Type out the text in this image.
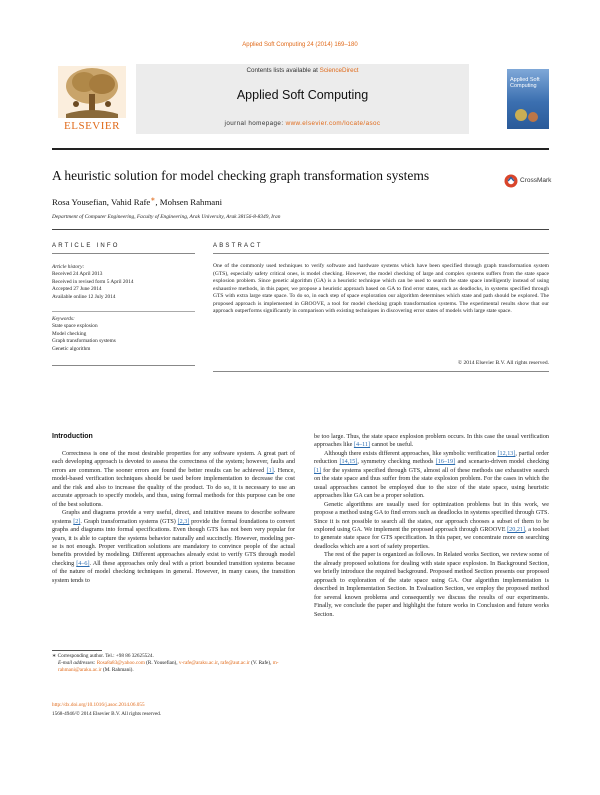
Applied Soft Computing 24 (2014) 169–180
ELSEVIER
Contents lists available at ScienceDirect
Applied Soft Computing
journal homepage: www.elsevier.com/locate/asoc
Applied Soft Computing
A heuristic solution for model checking graph transformation systems	CrossMark
Rosa Yousefian, Vahid Rafe∗, Mohsen Rahmani
Department of Computer Engineering, Faculty of Engineering, Arak University, Arak 38156-8-8349, Iran
ARTICLE INFO	ABSTRACT
Article history:
Received 24 April 2013
Received in revised form 5 April 2014
Accepted 27 June 2014
Available online 12 July 2014
Keywords:
State space explosion
Model checking
Graph transformation systems
Genetic algorithm
One of the commonly used techniques to verify software and hardware systems which have been specified through graph transformation system (GTS), especially safety critical ones, is model checking. However, the model checking of large and complex systems suffers from the state space explosion problem. Since genetic algorithm (GA) is a heuristic technique which can be used to search the state space intelligently instead of using exhaustive methods, in this paper, we propose a heuristic approach based on GA to find error states, such as deadlocks, in systems specified through GTS with extra large state space. To do so, in each step of space exploration our algorithm determines which state and path should be explored. The proposed approach is implemented in GROOVE, a tool for model checking graph transformation systems. The experimental results show that our approach outperforms significantly in comparison with existing techniques in discovering error states of models with large state space.
© 2014 Elsevier B.V. All rights reserved.
Introduction

Correctness is one of the most desirable properties for any software system. A great part of each developing approach is devoted to assess the correctness of the system; however, faults and errors are common. The sooner errors are found the better results can be achieved [1]. Hence, model-based verification techniques should be used before implementation to decrease the cost and the risk and also to increase the quality of the product. To do so, it is necessary to use an accurate approach to specify models, and thus, using formal methods for this purpose can be one of the best solutions.

Graphs and diagrams provide a very useful, direct, and intuitive means to describe software systems [2]. Graph transformation systems (GTS) [2,3] provide the formal foundations to convert graphs and diagrams into formal specifications. Even though GTS has not been very popular for years, it is able to capture the systems behavior naturally and succinctly. However, modeling per-se is not enough. Proper verification solutions are mandatory to convince people of the actual benefits provided by modeling. Different approaches already exist to verify GTS through model checking [4–6]. All these approaches only deal with a priori bounded transition systems because of the nature of model checking techniques in general. However, in many cases, the transition system tends to

be too large. Thus, the state space explosion problem occurs. In this case the usual verification approaches like [4–11] cannot be useful.

Although there exists different approaches, like symbolic verification [12,13], partial order reduction [14,15], symmetry checking methods [16–19] and scenario-driven model checking [1] for the systems specified through GTS, almost all of these methods use exhaustive search on the state space and thus suffer from the state explosion problem. For the cases in which the usual approaches cannot be employed due to the size of the state space, using heuristic approaches like GA can be a proper solution.

Genetic algorithms are usually used for optimization problems but in this work, we propose a method using GA to find errors such as deadlocks in systems specified through GTS. Since it is not possible to search all the states, our approach chooses a subset of them to be explored using GA. We implement the proposed approach through GROOVE [20,21], a toolset to generate state space for GTS specification. In this paper, we concentrate more on searching deadlocks which are a sort of safety properties.

The rest of the paper is organized as follows. In Related works Section, we review some of the already proposed solutions for dealing with state space explosion. In Background Section, we briefly introduce the required background. Proposed method Section presents our proposed approach to exploration of the state space using GA. Our algorithm implementation is described in Implementation Section. In Evaluation Section, we employ the proposed method for several known problems and consequently we discuss the results of our experiments. Finally, we conclude the paper and highlight the future works in Conclusion and future works Section.

∗ Corresponding author. Tel.: +98 86 32625524.
E-mail addresses: Rosa8a83@yahoo.com (R. Yousefian), v-rafe@araku.ac.ir, rafe@aut.ac.ir (V. Rafe), m-rahmani@araku.ac.ir (M. Rahmani).
http://dx.doi.org/10.1016/j.asoc.2014.06.055
1568-4946/© 2014 Elsevier B.V. All rights reserved.
